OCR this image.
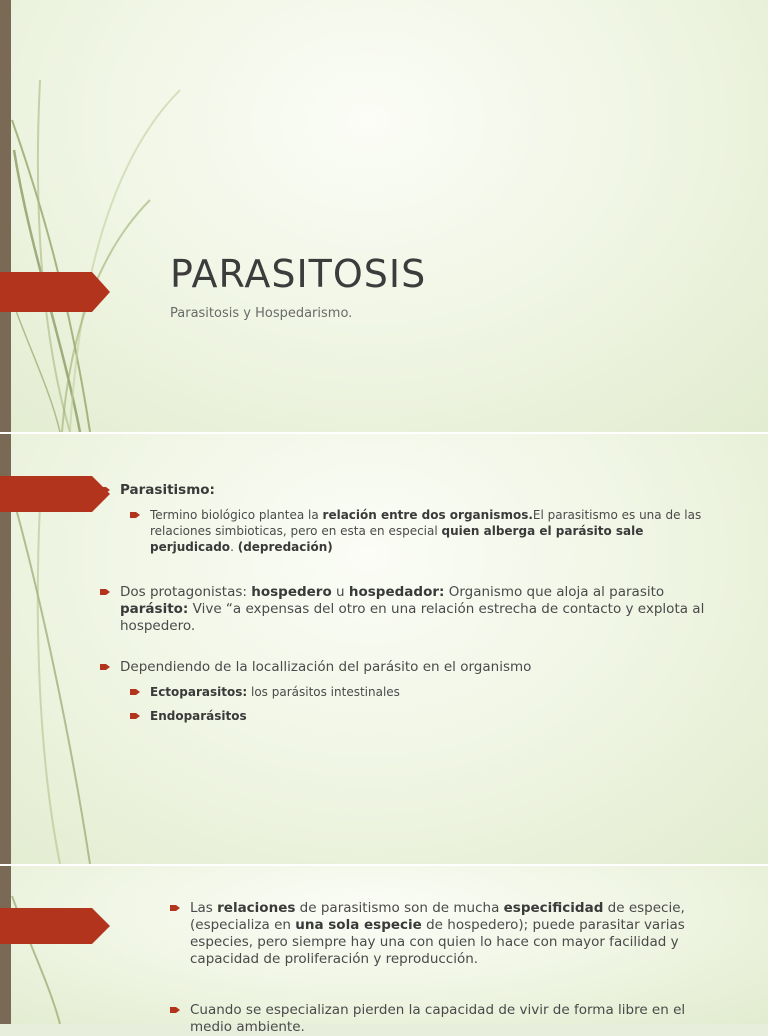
PARASITOSIS
Parasitosis y Hospedarismo.
Parasitismo:
Termino biológico plantea la relación entre dos organismos.El parasitismo es una de las relaciones simbioticas, pero en esta en especial quien alberga el parásito sale perjudicado. (depredación)
Dos protagonistas: hospedero u hospedador: Organismo que aloja al parasito parásito: Vive “a expensas del otro en una relación estrecha de contacto y explota al hospedero.
Dependiendo de la locallización del parásito en el organismo
Ectoparasitos: los parásitos intestinales
Endoparásitos
Las relaciones de parasitismo son de mucha especificidad de especie, (especializa en una sola especie de hospedero); puede parasitar varias especies, pero siempre hay una con quien lo hace con mayor facilidad y capacidad de proliferación y reproducción.
Cuando se especializan pierden la capacidad de vivir de forma libre en el medio ambiente.
